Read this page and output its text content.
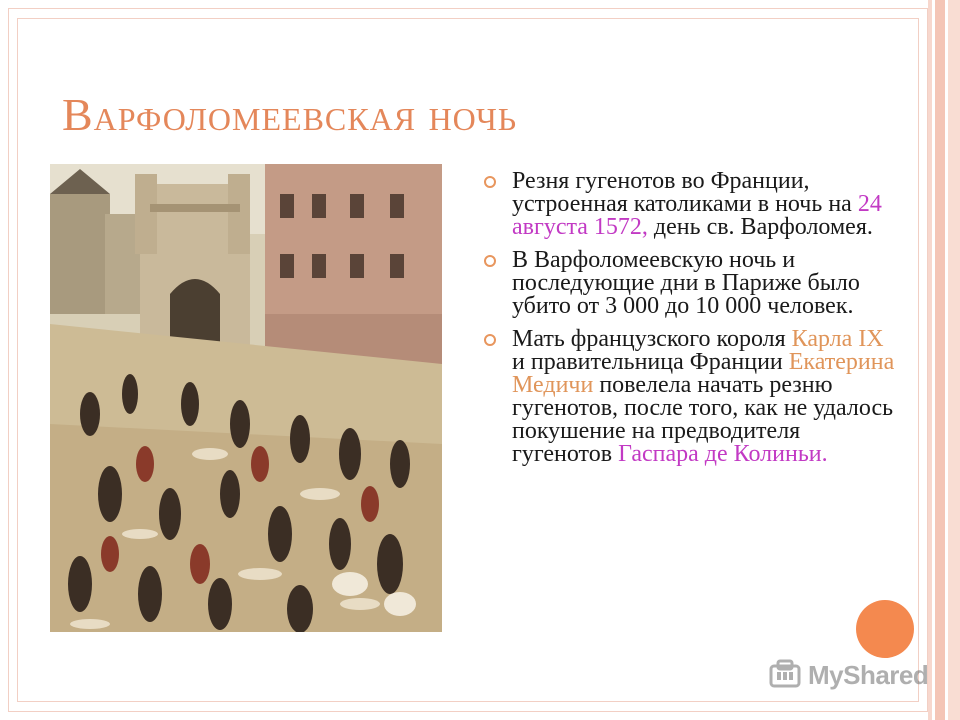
Варфоломеевская ночь
Резня гугенотов во Франции, устроенная католиками в ночь на 24 августа 1572, день св. Варфоломея.
В Варфоломеевскую ночь и последующие дни в Париже было убито от 3 000 до 10 000 человек.
Мать французского короля Карла IX и правительница Франции Екатерина Медичи повелела начать резню гугенотов, после того, как не удалось покушение на предводителя гугенотов Гаспара де Колиньи.
MyShared
